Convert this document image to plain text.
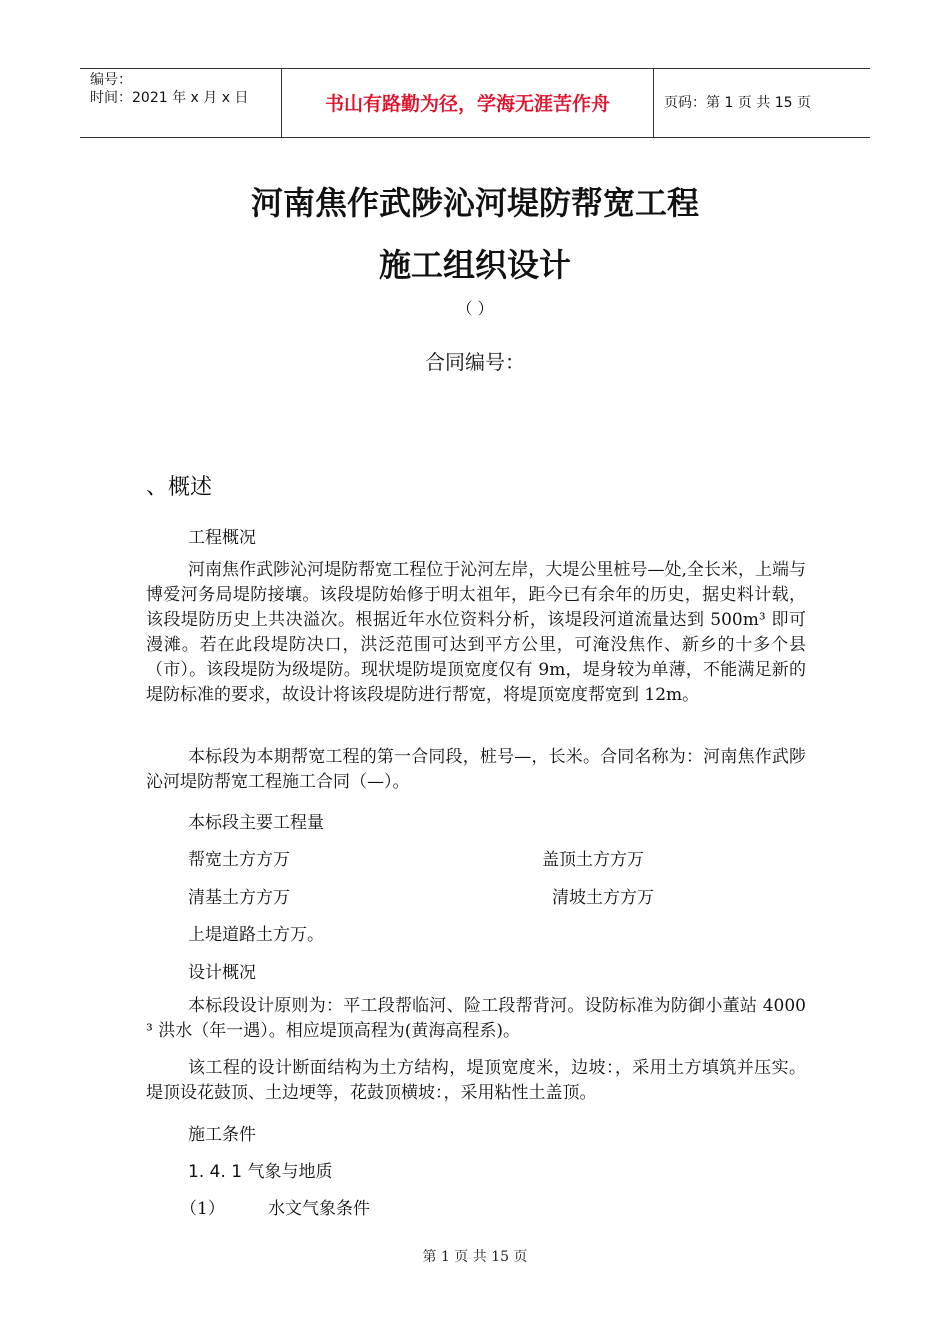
编号：
时间：2021 年 x 月 x 日	书山有路勤为径，学海无涯苦作舟	页码：第 1 页 共 15 页
河南焦作武陟沁河堤防帮宽工程
施工组织设计
（ ）
合同编号：
、概述
工程概况

河南焦作武陟沁河堤防帮宽工程位于沁河左岸，大堤公里桩号—处,全长米，上端与博爱河务局堤防接壤。该段堤防始修于明太祖年，距今已有余年的历史，据史料计载，该段堤防历史上共决溢次。根据近年水位资料分析，该堤段河道流量达到 500m³ 即可漫滩。若在此段堤防决口，洪泛范围可达到平方公里，可淹没焦作、新乡的十多个县（市）。该段堤防为级堤防。现状堤防堤顶宽度仅有 9m，堤身较为单薄，不能满足新的堤防标准的要求，故设计将该段堤防进行帮宽，将堤顶宽度帮宽到 12m。

本标段为本期帮宽工程的第一合同段，桩号—，长米。合同名称为：河南焦作武陟沁河堤防帮宽工程施工合同（—）。

本标段主要工程量
帮宽土方方万	盖顶土方方万
清基土方方万	清坡土方方万
上堤道路土方万。
设计概况

本标段设计原则为：平工段帮临河、险工段帮背河。设防标准为防御小董站 4000 ³ 洪水（年一遇）。相应堤顶高程为(黄海高程系)。

该工程的设计断面结构为土方结构，堤顶宽度米，边坡：，采用土方填筑并压实。堤顶设花鼓顶、土边埂等，花鼓顶横坡：，采用粘性土盖顶。

施工条件
1. 4. 1 气象与地质
（1）	水文气象条件
第 1 页 共 15 页
